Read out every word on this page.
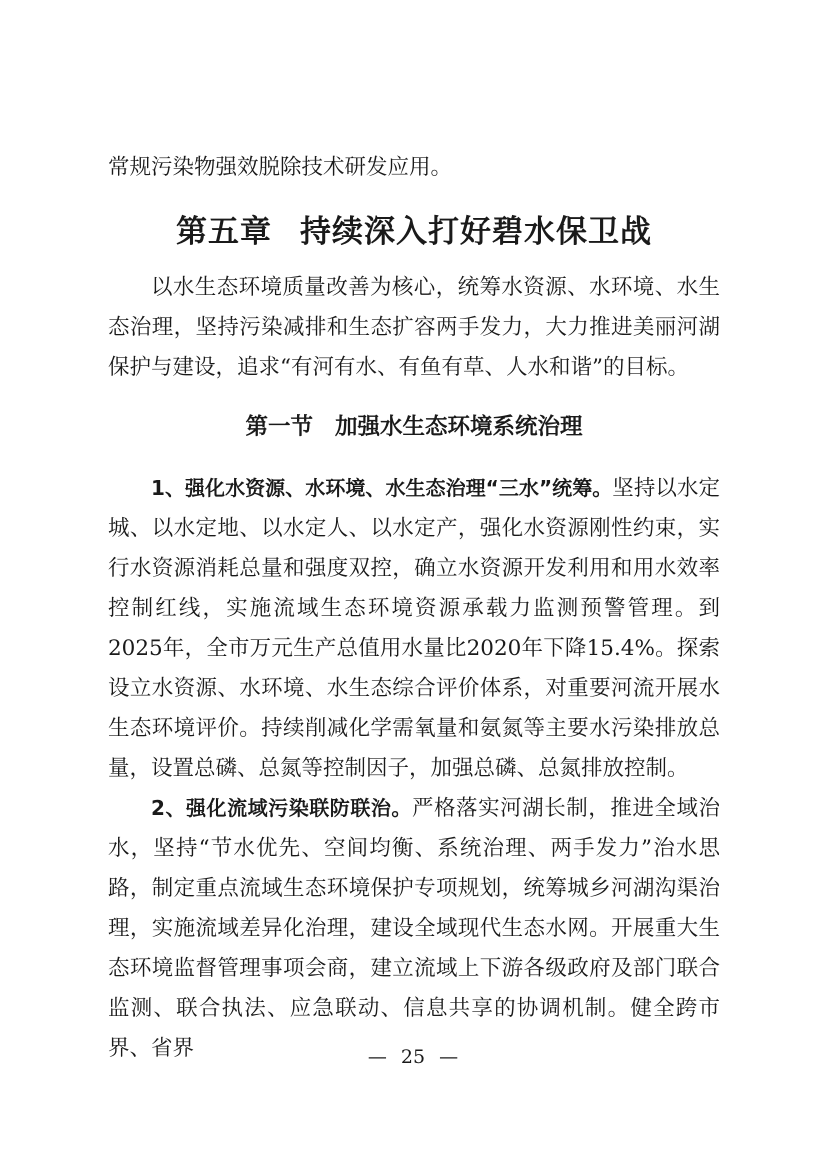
常规污染物强效脱除技术研发应用。

第五章 持续深入打好碧水保卫战

以水生态环境质量改善为核心，统筹水资源、水环境、水生态治理，坚持污染减排和生态扩容两手发力，大力推进美丽河湖保护与建设，追求“有河有水、有鱼有草、人水和谐”的目标。

第一节 加强水生态环境系统治理

1、强化水资源、水环境、水生态治理“三水”统筹。坚持以水定城、以水定地、以水定人、以水定产，强化水资源刚性约束，实行水资源消耗总量和强度双控，确立水资源开发利用和用水效率控制红线，实施流域生态环境资源承载力监测预警管理。到2025年，全市万元生产总值用水量比2020年下降15.4%。探索设立水资源、水环境、水生态综合评价体系，对重要河流开展水生态环境评价。持续削减化学需氧量和氨氮等主要水污染排放总量，设置总磷、总氮等控制因子，加强总磷、总氮排放控制。

2、强化流域污染联防联治。严格落实河湖长制，推进全域治水，坚持“节水优先、空间均衡、系统治理、两手发力”治水思路，制定重点流域生态环境保护专项规划，统筹城乡河湖沟渠治理，实施流域差异化治理，建设全域现代生态水网。开展重大生态环境监督管理事项会商，建立流域上下游各级政府及部门联合监测、联合执法、应急联动、信息共享的协调机制。健全跨市界、省界	— 25 —
